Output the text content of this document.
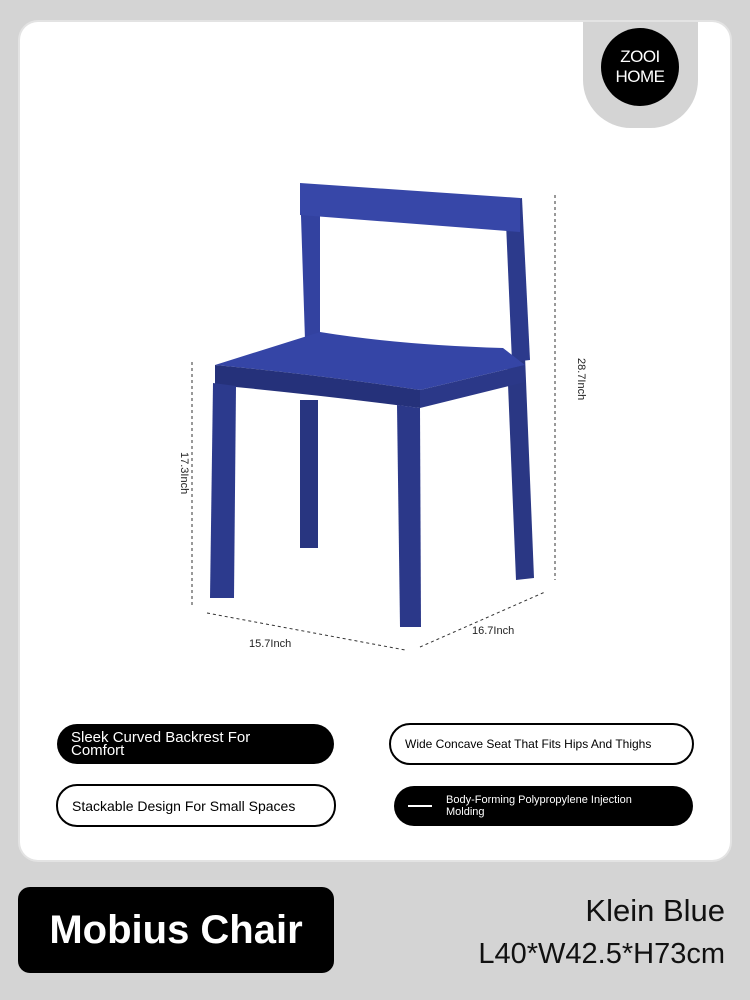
ZOOI
HOME
28.7Inch
17.3Inch
15.7Inch
16.7Inch
Sleek Curved Backrest For Comfort	Wide Concave Seat That Fits Hips And Thighs
Stackable Design For Small Spaces	Body-Forming Polypropylene Injection Molding
Mobius Chair	Klein Blue
L40*W42.5*H73cm
